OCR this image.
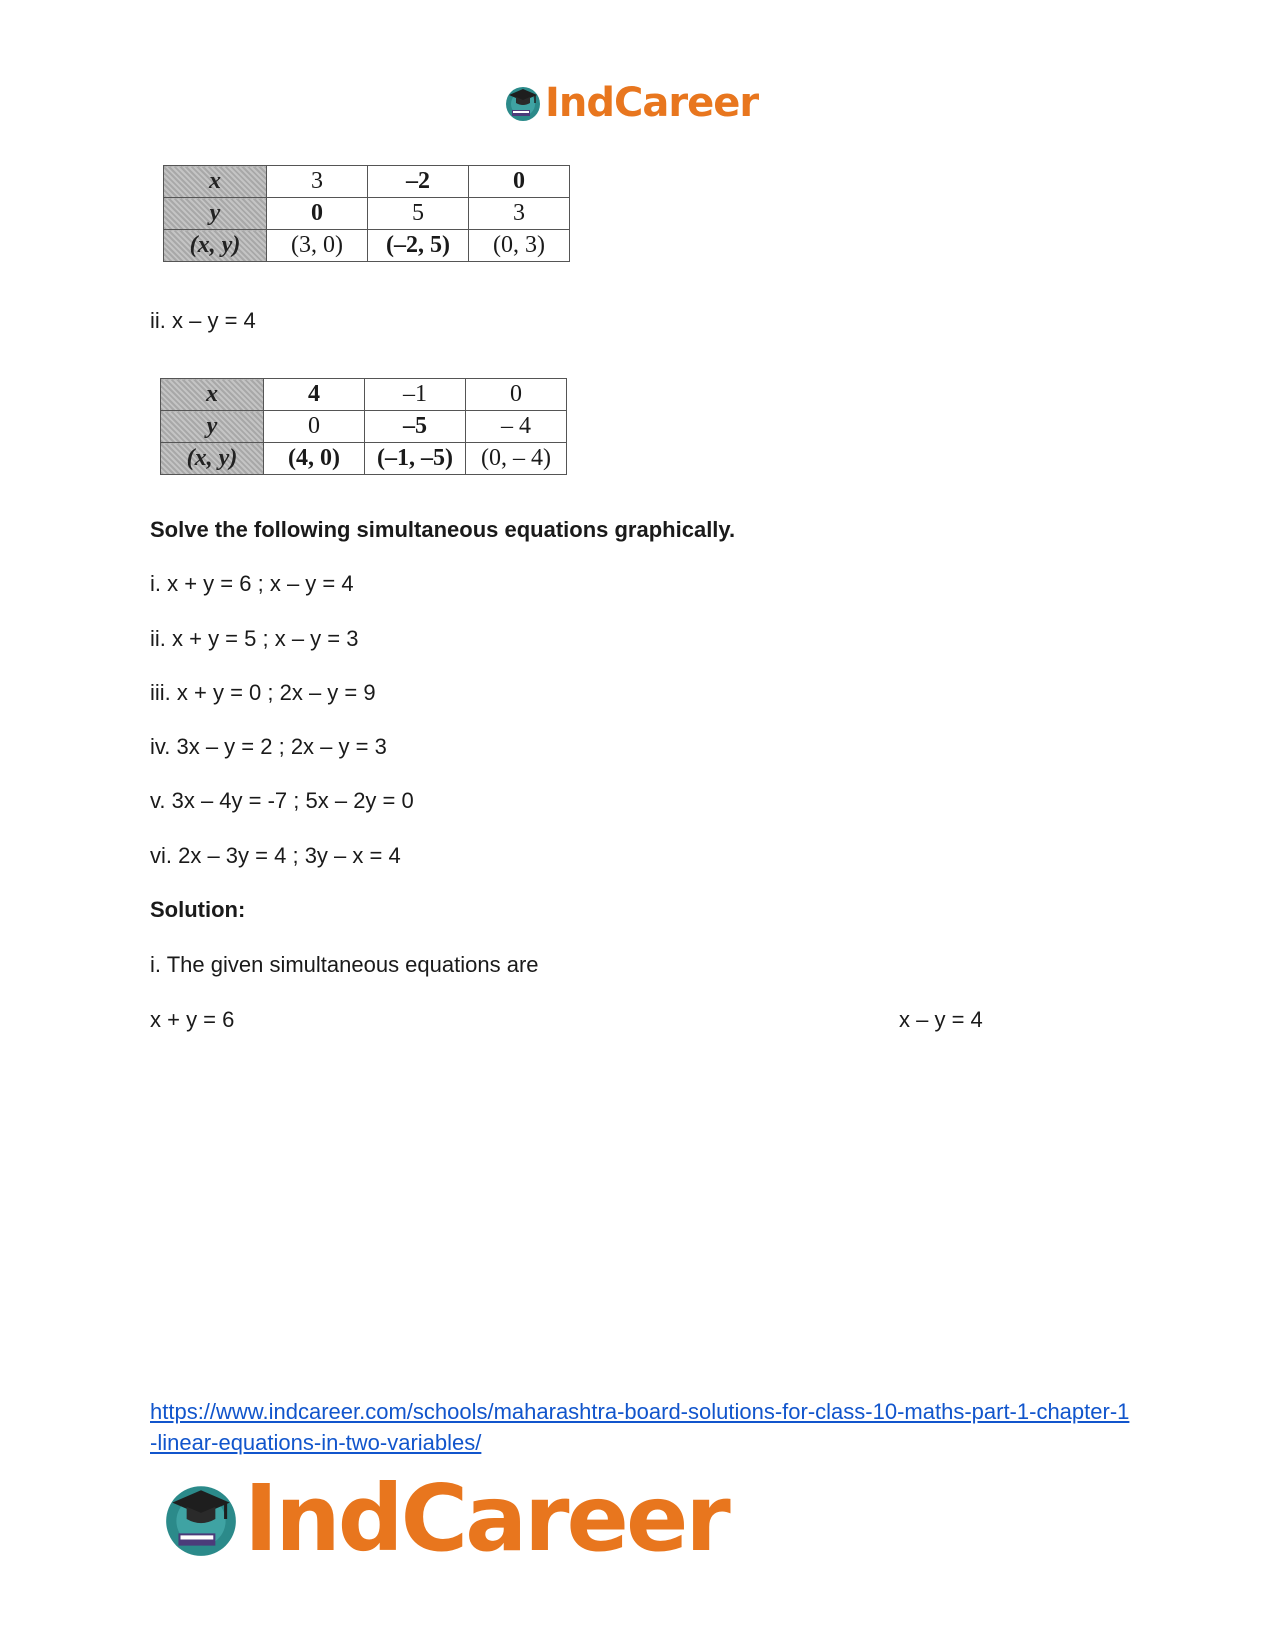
IndCareer
x	3	–2	0
y	0	5	3
(x, y)	(3, 0)	(–2, 5)	(0, 3)
ii. x – y = 4
x	4	–1	0
y	0	–5	– 4
(x, y)	(4, 0)	(–1, –5)	(0, – 4)
Solve the following simultaneous equations graphically.
i. x + y = 6 ; x – y = 4
ii. x + y = 5 ; x – y = 3
iii. x + y = 0 ; 2x – y = 9
iv. 3x – y = 2 ; 2x – y = 3
v. 3x – 4y = -7 ; 5x – 2y = 0
vi. 2x – 3y = 4 ; 3y – x = 4
Solution:
i. The given simultaneous equations are
x + y = 6	x – y = 4
https://www.indcareer.com/schools/maharashtra-board-solutions-for-class-10-maths-part-1-chapter-1-linear-equations-in-two-variables/
IndCareer
